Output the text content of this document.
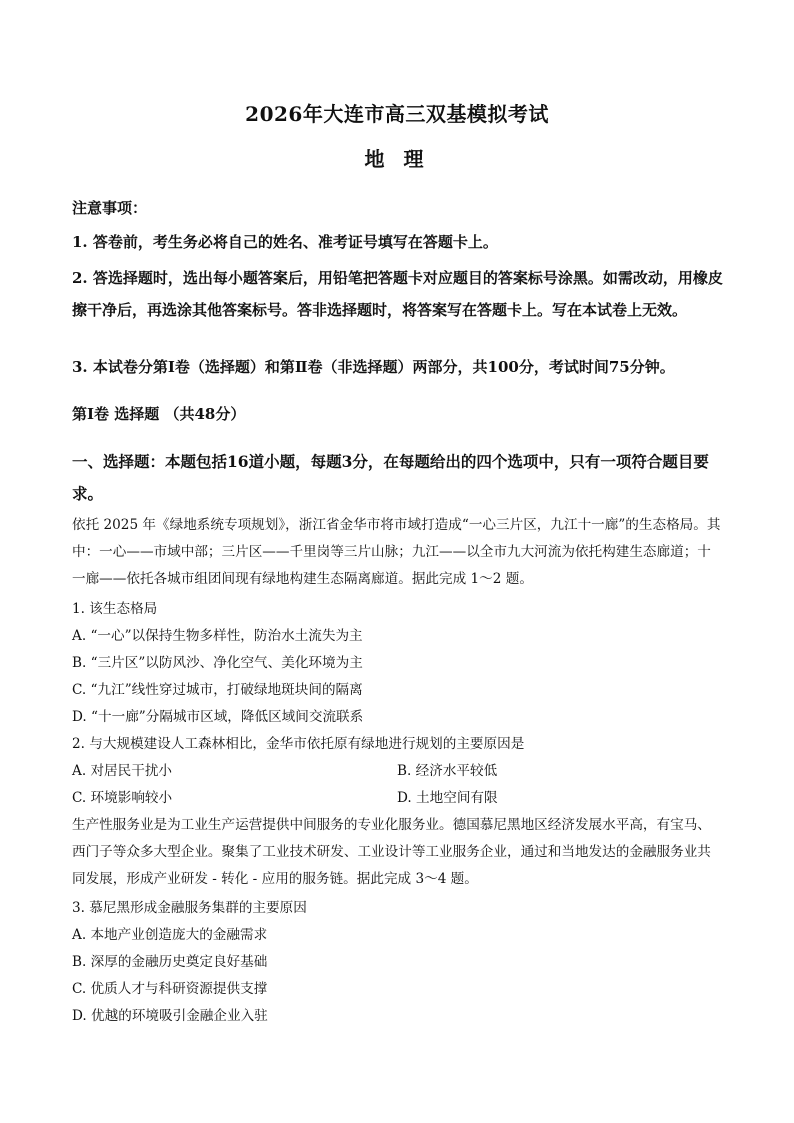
2026年大连市高三双基模拟考试
地 理
注意事项：
1. 答卷前，考生务必将自己的姓名、准考证号填写在答题卡上。
2. 答选择题时，选出每小题答案后，用铅笔把答题卡对应题目的答案标号涂黑。如需改动，用橡皮擦干净后，再选涂其他答案标号。答非选择题时，将答案写在答题卡上。写在本试卷上无效。
3. 本试卷分第Ⅰ卷（选择题）和第Ⅱ卷（非选择题）两部分，共100分，考试时间75分钟。
第Ⅰ卷 选择题 （共48分）
一、选择题：本题包括16道小题，每题3分，在每题给出的四个选项中，只有一项符合题目要求。
依托 2025 年《绿地系统专项规划》，浙江省金华市将市域打造成“一心三片区，九江十一廊”的生态格局。其中：一心——市域中部；三片区——千里岗等三片山脉；九江——以全市九大河流为依托构建生态廊道；十一廊——依托各城市组团间现有绿地构建生态隔离廊道。据此完成 1～2 题。
1. 该生态格局
A. “一心”以保持生物多样性，防治水土流失为主
B. “三片区”以防风沙、净化空气、美化环境为主
C. “九江”线性穿过城市，打破绿地斑块间的隔离
D. “十一廊”分隔城市区域，降低区域间交流联系
2. 与大规模建设人工森林相比，金华市依托原有绿地进行规划的主要原因是
A. 对居民干扰小	B. 经济水平较低
C. 环境影响较小	D. 土地空间有限
生产性服务业是为工业生产运营提供中间服务的专业化服务业。德国慕尼黑地区经济发展水平高，有宝马、西门子等众多大型企业。聚集了工业技术研发、工业设计等工业服务企业，通过和当地发达的金融服务业共同发展，形成产业研发 - 转化 - 应用的服务链。据此完成 3～4 题。
3. 慕尼黑形成金融服务集群的主要原因
A. 本地产业创造庞大的金融需求
B. 深厚的金融历史奠定良好基础
C. 优质人才与科研资源提供支撑
D. 优越的环境吸引金融企业入驻
